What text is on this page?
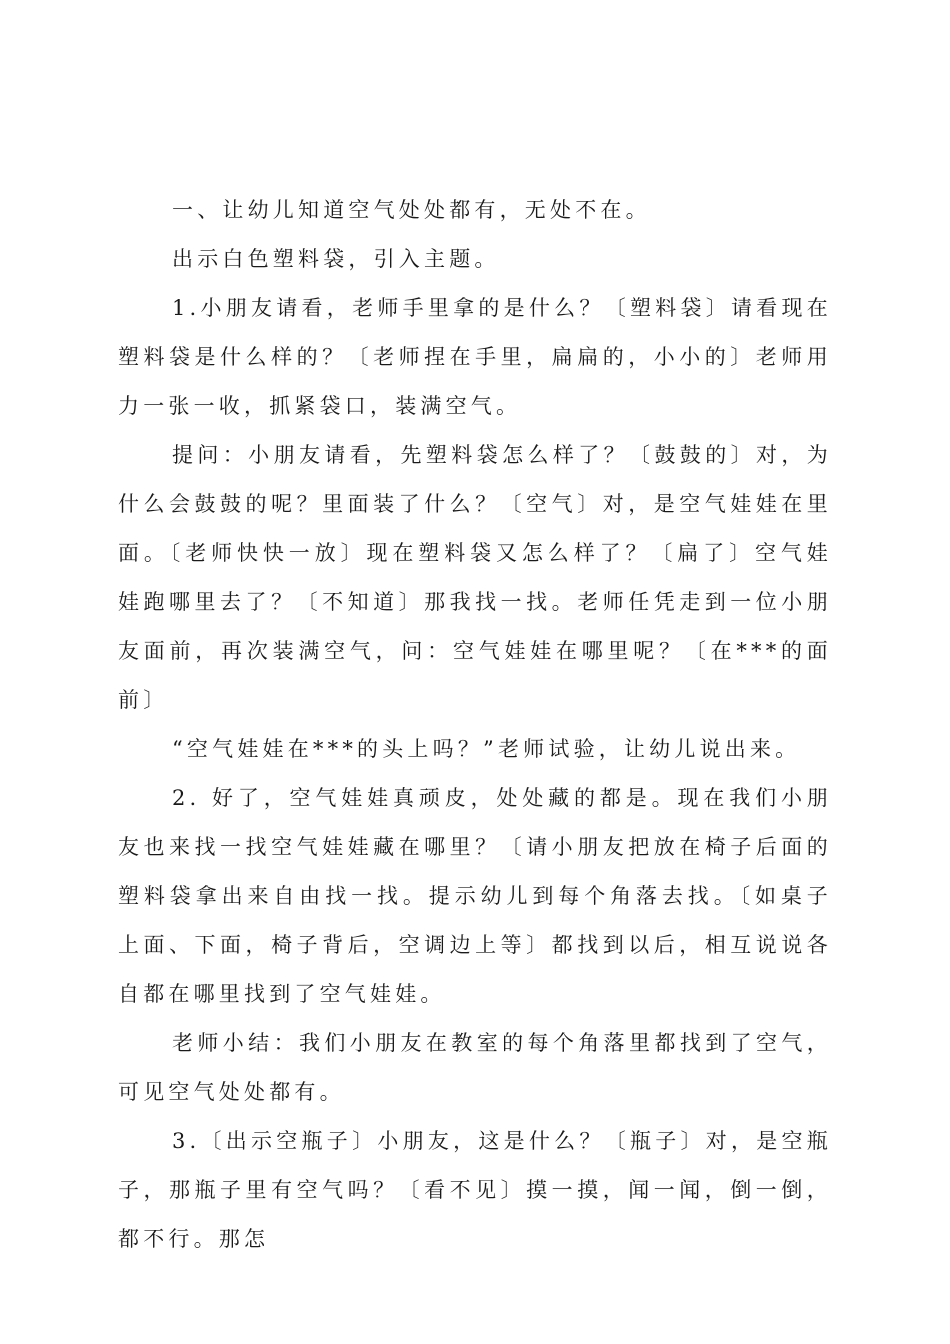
一、让幼儿知道空气处处都有，无处不在。

出示白色塑料袋，引入主题。

1.小朋友请看，老师手里拿的是什么？〔塑料袋〕请看现在塑料袋是什么样的？〔老师捏在手里，扁扁的，小小的〕老师用力一张一收，抓紧袋口，装满空气。

提问：小朋友请看，先塑料袋怎么样了？〔鼓鼓的〕对，为什么会鼓鼓的呢？里面装了什么？〔空气〕对，是空气娃娃在里面。〔老师快快一放〕现在塑料袋又怎么样了？〔扁了〕空气娃娃跑哪里去了？〔不知道〕那我找一找。老师任凭走到一位小朋友面前，再次装满空气，问：空气娃娃在哪里呢？〔在***的面前〕

“空气娃娃在***的头上吗？”老师试验，让幼儿说出来。

2. 好了，空气娃娃真顽皮，处处藏的都是。现在我们小朋友也来找一找空气娃娃藏在哪里？〔请小朋友把放在椅子后面的塑料袋拿出来自由找一找。提示幼儿到每个角落去找。〔如桌子上面、下面，椅子背后，空调边上等〕都找到以后，相互说说各自都在哪里找到了空气娃娃。

老师小结：我们小朋友在教室的每个角落里都找到了空气，可见空气处处都有。

3.〔出示空瓶子〕小朋友，这是什么？〔瓶子〕对，是空瓶子，那瓶子里有空气吗？〔看不见〕摸一摸，闻一闻，倒一倒，都不行。那怎
